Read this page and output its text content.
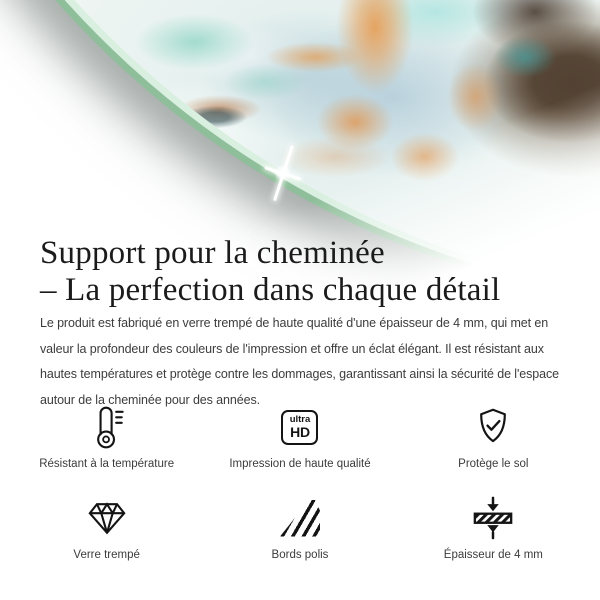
Support pour la cheminée
– La perfection dans chaque détail
Le produit est fabriqué en verre trempé de haute qualité d'une épaisseur de 4 mm, qui met en
valeur la profondeur des couleurs de l'impression et offre un éclat élégant. Il est résistant aux
hautes températures et protège contre les dommages, garantissant ainsi la sécurité de l'espace
autour de la cheminée pour des années.
Résistant à la température
ultra
HD
Impression de haute qualité	Protège le sol
Verre trempé	Bords polis	Épaisseur de 4 mm
